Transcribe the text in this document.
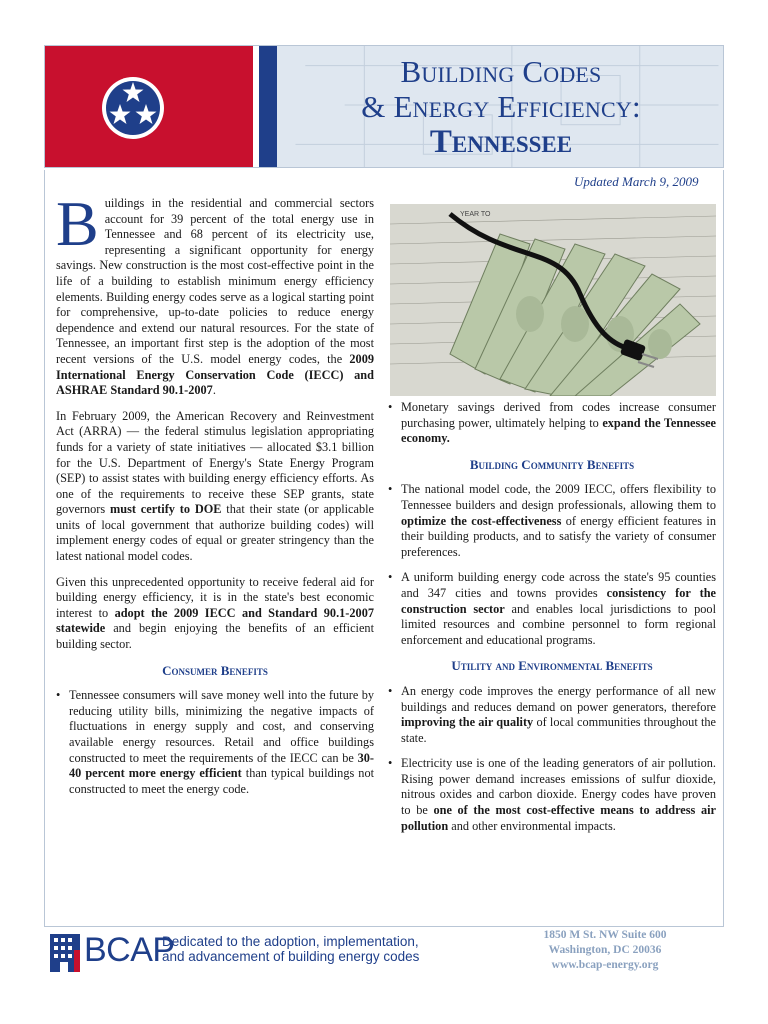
Building Codes
& Energy Efficiency:
Tennessee
Updated March 9, 2009

Buildings in the residential and commercial sectors account for 39 percent of the total energy use in Tennessee and 68 percent of its electricity use, representing a significant opportunity for energy savings. New construction is the most cost-effective point in the life of a building to establish minimum energy efficiency elements. Building energy codes serve as a logical starting point for comprehensive, up-to-date policies to reduce energy dependence and extend our natural resources. For the state of Tennessee, an important first step is the adoption of the most recent versions of the U.S. model energy codes, the 2009 International Energy Conservation Code (IECC) and ASHRAE Standard 90.1-2007.

In February 2009, the American Recovery and Reinvestment Act (ARRA) — the federal stimulus legislation appropriating funds for a variety of state initiatives — allocated $3.1 billion for the U.S. Department of Energy's State Energy Program (SEP) to assist states with building energy efficiency efforts. As one of the requirements to receive these SEP grants, state governors must certify to DOE that their state (or applicable units of local government that authorize building codes) will implement energy codes of equal or greater stringency than the latest national model codes.

Given this unprecedented opportunity to receive federal aid for building energy efficiency, it is in the state's best economic interest to adopt the 2009 IECC and Standard 90.1-2007 statewide and begin enjoying the benefits of an efficient building sector.

Consumer Benefits
• Tennessee consumers will save money well into the future by reducing utility bills, minimizing the negative impacts of fluctuations in energy supply and cost, and conserving available energy resources. Retail and office buildings constructed to meet the requirements of the IECC can be 30-40 percent more energy efficient than typical buildings not constructed to meet the energy code.
YEAR TO
• Monetary savings derived from codes increase consumer purchasing power, ultimately helping to expand the Tennessee economy.
Building Community Benefits
• The national model code, the 2009 IECC, offers flexibility to Tennessee builders and design professionals, allowing them to optimize the cost-effectiveness of energy efficient features in their building products, and to satisfy the variety of consumer preferences.
• A uniform building energy code across the state's 95 counties and 347 cities and towns provides consistency for the construction sector and enables local jurisdictions to pool limited resources and combine personnel to form regional enforcement and educational programs.
Utility and Environmental Benefits
• An energy code improves the energy performance of all new buildings and reduces demand on power generators, therefore improving the air quality of local communities throughout the state.
• Electricity use is one of the leading generators of air pollution. Rising power demand increases emissions of sulfur dioxide, nitrous oxides and carbon dioxide. Energy codes have proven to be one of the most cost-effective means to address air pollution and other environmental impacts.
BCAP
Dedicated to the adoption, implementation,
and advancement of building energy codes
1850 M St. NW Suite 600
Washington, DC 20036
www.bcap-energy.org
